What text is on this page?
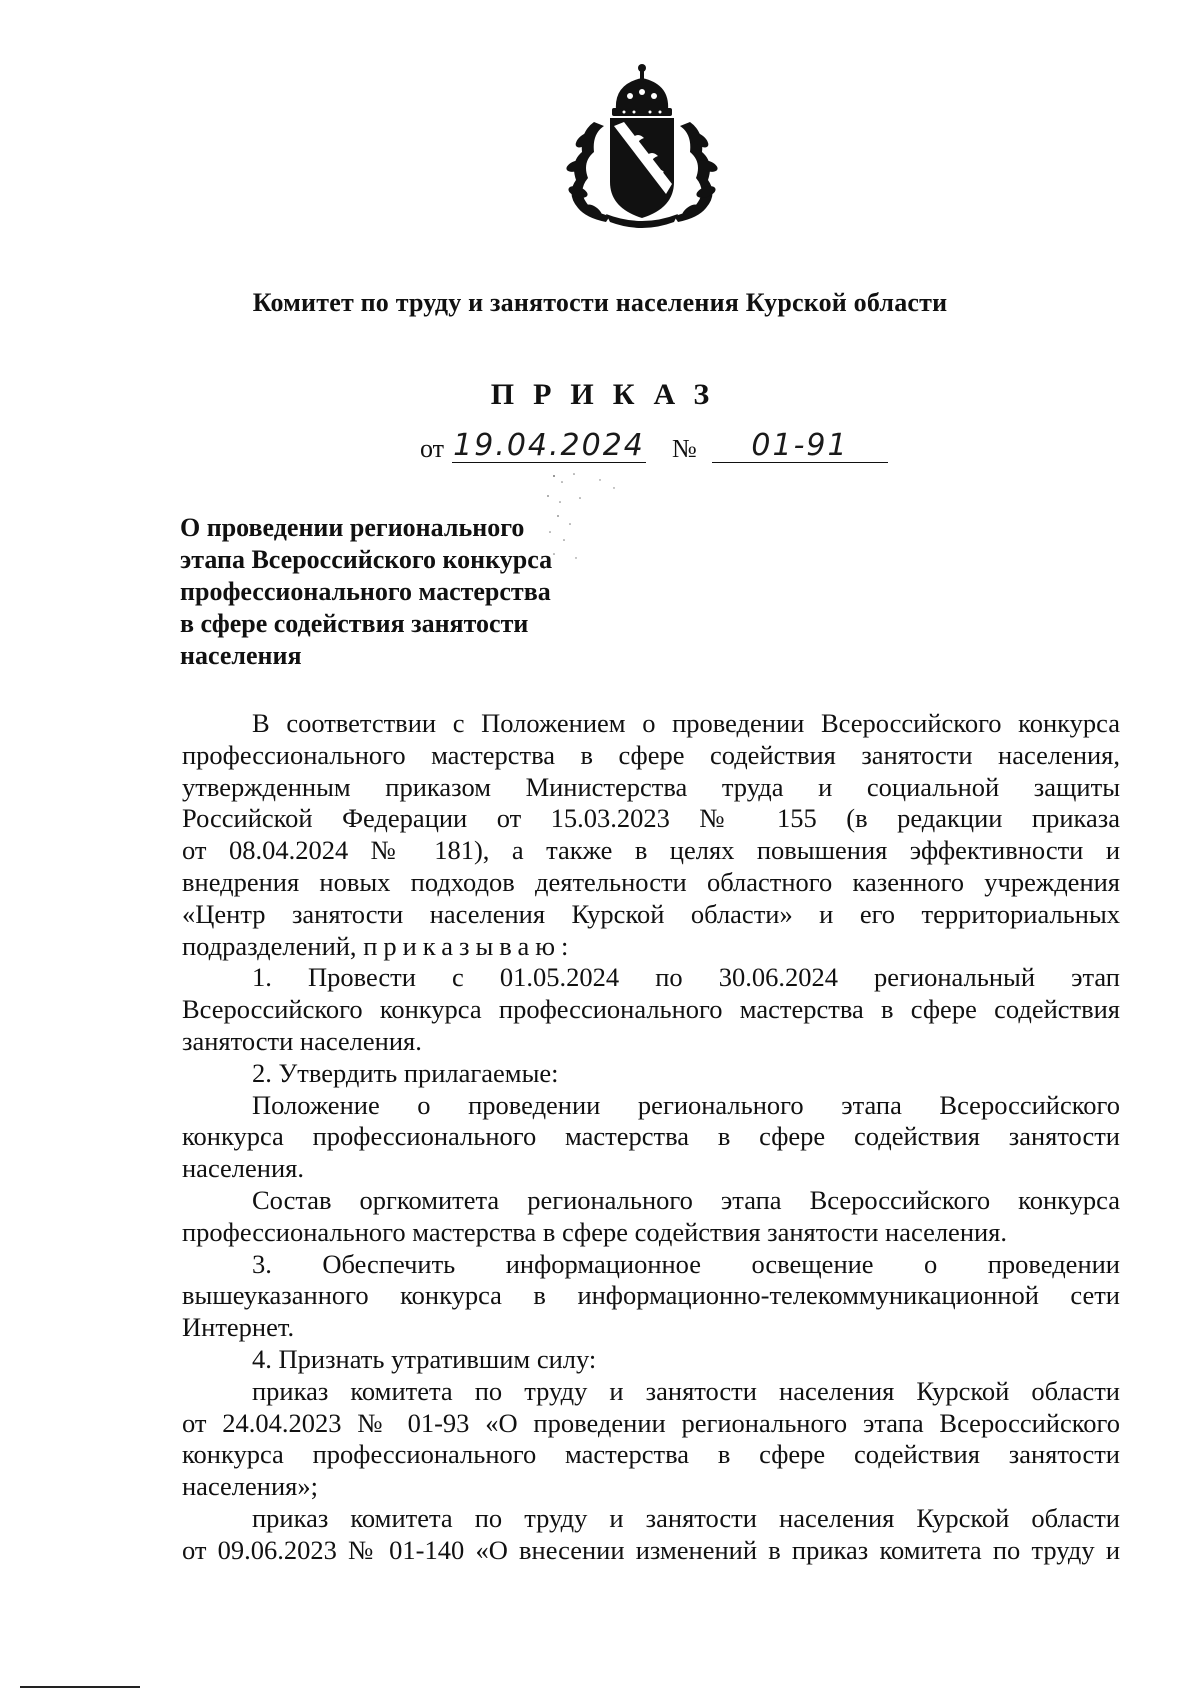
Комитет по труду и занятости населения Курской области
ПРИКАЗ
от 19.04.2024 №	01-91
О проведении регионального
этапа Всероссийского конкурса
профессионального мастерства
в сфере содействия занятости
населения
В соответствии с Положением о проведении Всероссийского конкурса
профессионального мастерства в сфере содействия занятости населения,
утвержденным приказом Министерства труда и социальной защиты
Российской Федерации от 15.03.2023 № 155 (в редакции приказа
от 08.04.2024 № 181), а также в целях повышения эффективности и
внедрения новых подходов деятельности областного казенного учреждения
«Центр занятости населения Курской области» и его территориальных
подразделений, приказываю:
1. Провести с 01.05.2024 по 30.06.2024 региональный этап
Всероссийского конкурса профессионального мастерства в сфере содействия
занятости населения.
2. Утвердить прилагаемые:
Положение о проведении регионального этапа Всероссийского
конкурса профессионального мастерства в сфере содействия занятости
населения.
Состав оргкомитета регионального этапа Всероссийского конкурса
профессионального мастерства в сфере содействия занятости населения.
3. Обеспечить информационное освещение о проведении
вышеуказанного конкурса в информационно-телекоммуникационной сети
Интернет.
4. Признать утратившим силу:
приказ комитета по труду и занятости населения Курской области
от 24.04.2023 № 01-93 «О проведении регионального этапа Всероссийского
конкурса профессионального мастерства в сфере содействия занятости
населения»;
приказ комитета по труду и занятости населения Курской области
от 09.06.2023 № 01-140 «О внесении изменений в приказ комитета по труду и
